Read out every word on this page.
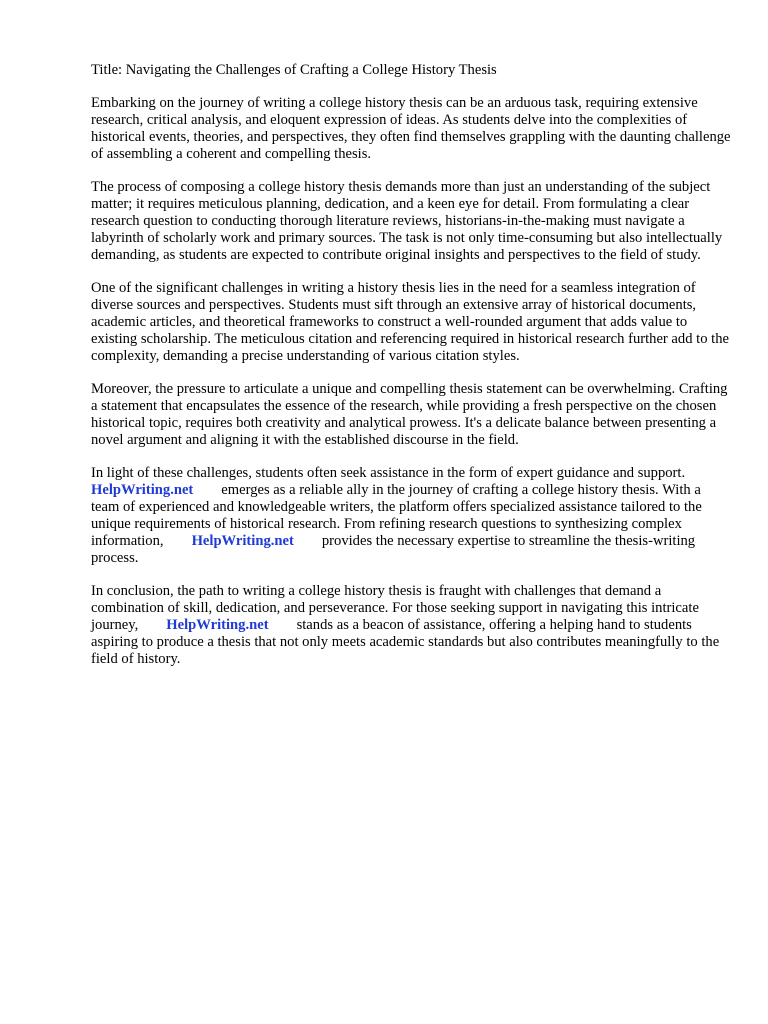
Title: Navigating the Challenges of Crafting a College History Thesis

Embarking on the journey of writing a college history thesis can be an arduous task, requiring extensive research, critical analysis, and eloquent expression of ideas. As students delve into the complexities of historical events, theories, and perspectives, they often find themselves grappling with the daunting challenge of assembling a coherent and compelling thesis.

The process of composing a college history thesis demands more than just an understanding of the subject matter; it requires meticulous planning, dedication, and a keen eye for detail. From formulating a clear research question to conducting thorough literature reviews, historians-in-the-making must navigate a labyrinth of scholarly work and primary sources. The task is not only time-consuming but also intellectually demanding, as students are expected to contribute original insights and perspectives to the field of study.

One of the significant challenges in writing a history thesis lies in the need for a seamless integration of diverse sources and perspectives. Students must sift through an extensive array of historical documents, academic articles, and theoretical frameworks to construct a well-rounded argument that adds value to existing scholarship. The meticulous citation and referencing required in historical research further add to the complexity, demanding a precise understanding of various citation styles.

Moreover, the pressure to articulate a unique and compelling thesis statement can be overwhelming. Crafting a statement that encapsulates the essence of the research, while providing a fresh perspective on the chosen historical topic, requires both creativity and analytical prowess. It's a delicate balance between presenting a novel argument and aligning it with the established discourse in the field.

In light of these challenges, students often seek assistance in the form of expert guidance and support.HelpWriting.net emerges as a reliable ally in the journey of crafting a college history thesis. With a team of experienced and knowledgeable writers, the platform offers specialized assistance tailored to the unique requirements of historical research. From refining research questions to synthesizing complex information, HelpWriting.net provides the necessary expertise to streamline the thesis-writing process.

In conclusion, the path to writing a college history thesis is fraught with challenges that demand a combination of skill, dedication, and perseverance. For those seeking support in navigating this intricate journey, HelpWriting.net stands as a beacon of assistance, offering a helping hand to students aspiring to produce a thesis that not only meets academic standards but also contributes meaningfully to the field of history.
